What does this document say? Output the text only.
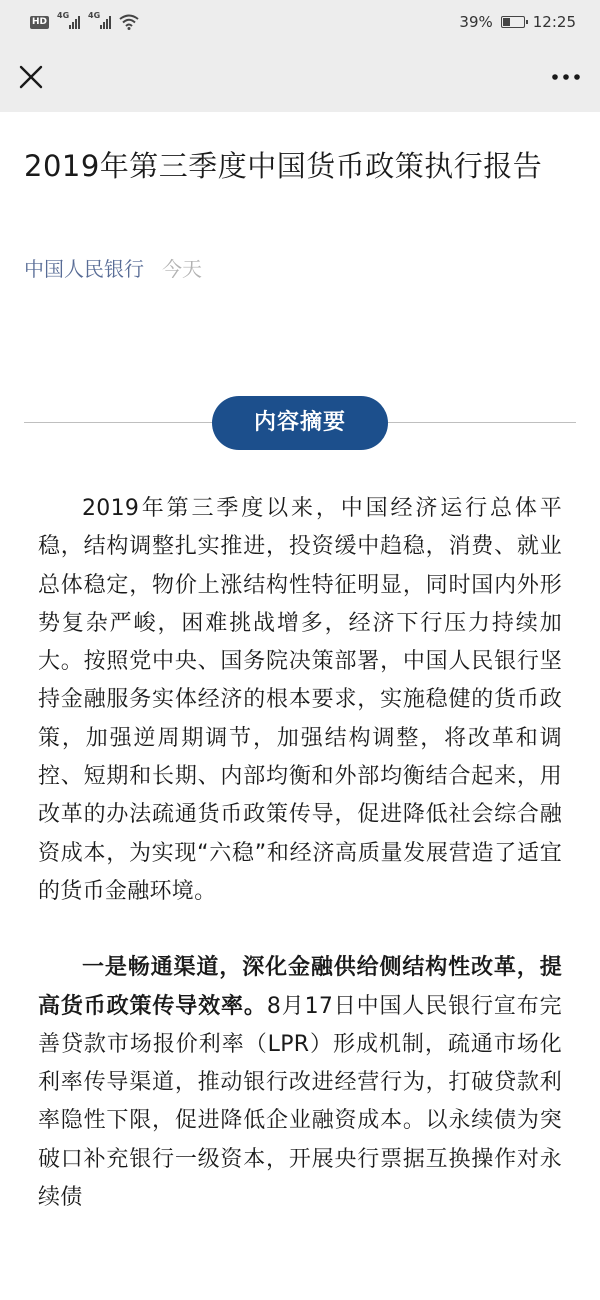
HD
4G 4G	39%	12:25
2019年第三季度中国货币政策执行报告
中国人民银行 今天
内容摘要

2019年第三季度以来，中国经济运行总体平稳，结构调整扎实推进，投资缓中趋稳，消费、就业总体稳定，物价上涨结构性特征明显，同时国内外形势复杂严峻，困难挑战增多，经济下行压力持续加大。按照党中央、国务院决策部署，中国人民银行坚持金融服务实体经济的根本要求，实施稳健的货币政策，加强逆周期调节，加强结构调整，将改革和调控、短期和长期、内部均衡和外部均衡结合起来，用改革的办法疏通货币政策传导，促进降低社会综合融资成本，为实现“六稳”和经济高质量发展营造了适宜的货币金融环境。

一是畅通渠道，深化金融供给侧结构性改革，提高货币政策传导效率。8月17日中国人民银行宣布完善贷款市场报价利率（LPR）形成机制，疏通市场化利率传导渠道，推动银行改进经营行为，打破贷款利率隐性下限，促进降低企业融资成本。以永续债为突破口补充银行一级资本，开展央行票据互换操作对永续债
